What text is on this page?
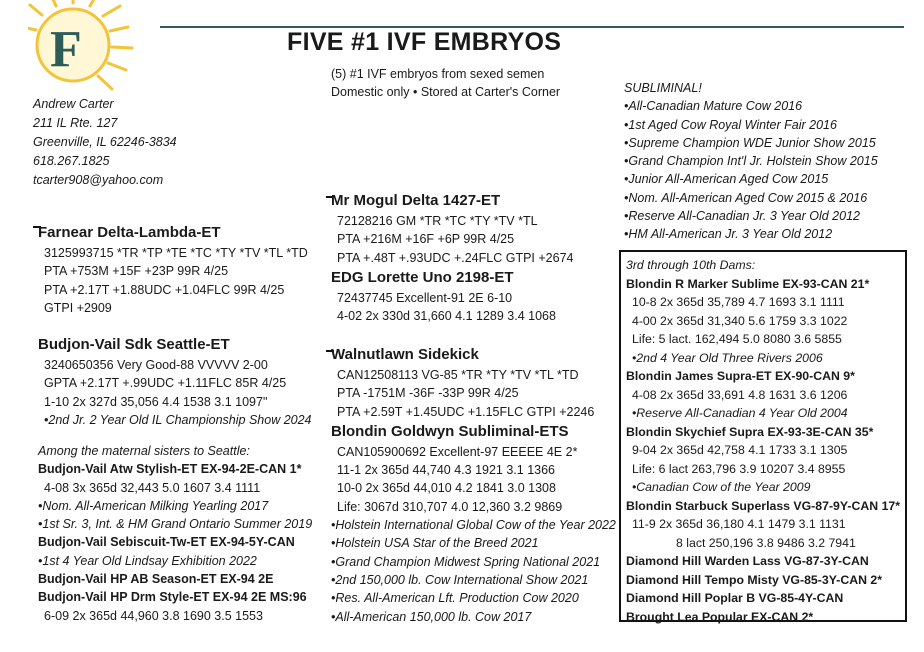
F	FIVE #1 IVF EMBRYOS
(5) #1 IVF embryos from sexed semen
Domestic only • Stored at Carter's Corner
Andrew Carter
211 IL Rte. 127
Greenville, IL 62246-3834
618.267.1825
tcarter908@yahoo.com
Farnear Delta-Lambda-ET
3125993715 *TR *TP *TE *TC *TY *TV *TL *TD
PTA +753M +15F +23P 99R 4/25
PTA +2.17T +1.88UDC +1.04FLC 99R 4/25
GTPI +2909
Budjon-Vail Sdk Seattle-ET
3240650356 Very Good-88 VVVVV 2-00
GPTA +2.17T +.99UDC +1.11FLC 85R 4/25
1-10 2x 327d 35,056 4.4 1538 3.1 1097"
•2nd Jr. 2 Year Old IL Championship Show 2024
Among the maternal sisters to Seattle:
Budjon-Vail Atw Stylish-ET EX-94-2E-CAN 1*
4-08 3x 365d 32,443 5.0 1607 3.4 1111
•Nom. All-American Milking Yearling 2017
•1st Sr. 3, Int. & HM Grand Ontario Summer 2019
Budjon-Vail Sebiscuit-Tw-ET EX-94-5Y-CAN
•1st 4 Year Old Lindsay Exhibition 2022
Budjon-Vail HP AB Season-ET EX-94 2E
Budjon-Vail HP Drm Style-ET EX-94 2E MS:96
6-09 2x 365d 44,960 3.8 1690 3.5 1553
Mr Mogul Delta 1427-ET
72128216 GM *TR *TC *TY *TV *TL
PTA +216M +16F +6P 99R 4/25
PTA +.48T +.93UDC +.24FLC GTPI +2674
EDG Lorette Uno 2198-ET
72437745 Excellent-91 2E 6-10
4-02 2x 330d 31,660 4.1 1289 3.4 1068
Walnutlawn Sidekick
CAN12508113 VG-85 *TR *TY *TV *TL *TD
PTA -1751M -36F -33P 99R 4/25
PTA +2.59T +1.45UDC +1.15FLC GTPI +2246
Blondin Goldwyn Subliminal-ETS
CAN105900692 Excellent-97 EEEEE 4E 2*
11-1 2x 365d 44,740 4.3 1921 3.1 1366
10-0 2x 365d 44,010 4.2 1841 3.0 1308
Life: 3067d 310,707 4.0 12,360 3.2 9869
•Holstein International Global Cow of the Year 2022
•Holstein USA Star of the Breed 2021
•Grand Champion Midwest Spring National 2021
•2nd 150,000 lb. Cow International Show 2021
•Res. All-American Lft. Production Cow 2020
•All-American 150,000 lb. Cow 2017
SUBLIMINAL!
•All-Canadian Mature Cow 2016
•1st Aged Cow Royal Winter Fair 2016
•Supreme Champion WDE Junior Show 2015
•Grand Champion Int'l Jr. Holstein Show 2015
•Junior All-American Aged Cow 2015
•Nom. All-American Aged Cow 2015 & 2016
•Reserve All-Canadian Jr. 3 Year Old 2012
•HM All-American Jr. 3 Year Old 2012
3rd through 10th Dams:
Blondin R Marker Sublime EX-93-CAN 21*
10-8 2x 365d 35,789 4.7 1693 3.1 1111
4-00 2x 365d 31,340 5.6 1759 3.3 1022
Life: 5 lact. 162,494 5.0 8080 3.6 5855
•2nd 4 Year Old Three Rivers 2006
Blondin James Supra-ET EX-90-CAN 9*
4-08 2x 365d 33,691 4.8 1631 3.6 1206
•Reserve All-Canadian 4 Year Old 2004
Blondin Skychief Supra EX-93-3E-CAN 35*
9-04 2x 365d 42,758 4.1 1733 3.1 1305
Life: 6 lact 263,796 3.9 10207 3.4 8955
•Canadian Cow of the Year 2009
Blondin Starbuck Superlass VG-87-9Y-CAN 17*
11-9 2x 365d 36,180 4.1 1479 3.1 1131
8 lact 250,196 3.8 9486 3.2 7941
Diamond Hill Warden Lass VG-87-3Y-CAN
Diamond Hill Tempo Misty VG-85-3Y-CAN 2*
Diamond Hill Poplar B VG-85-4Y-CAN
Brought Lea Popular EX-CAN 2*
